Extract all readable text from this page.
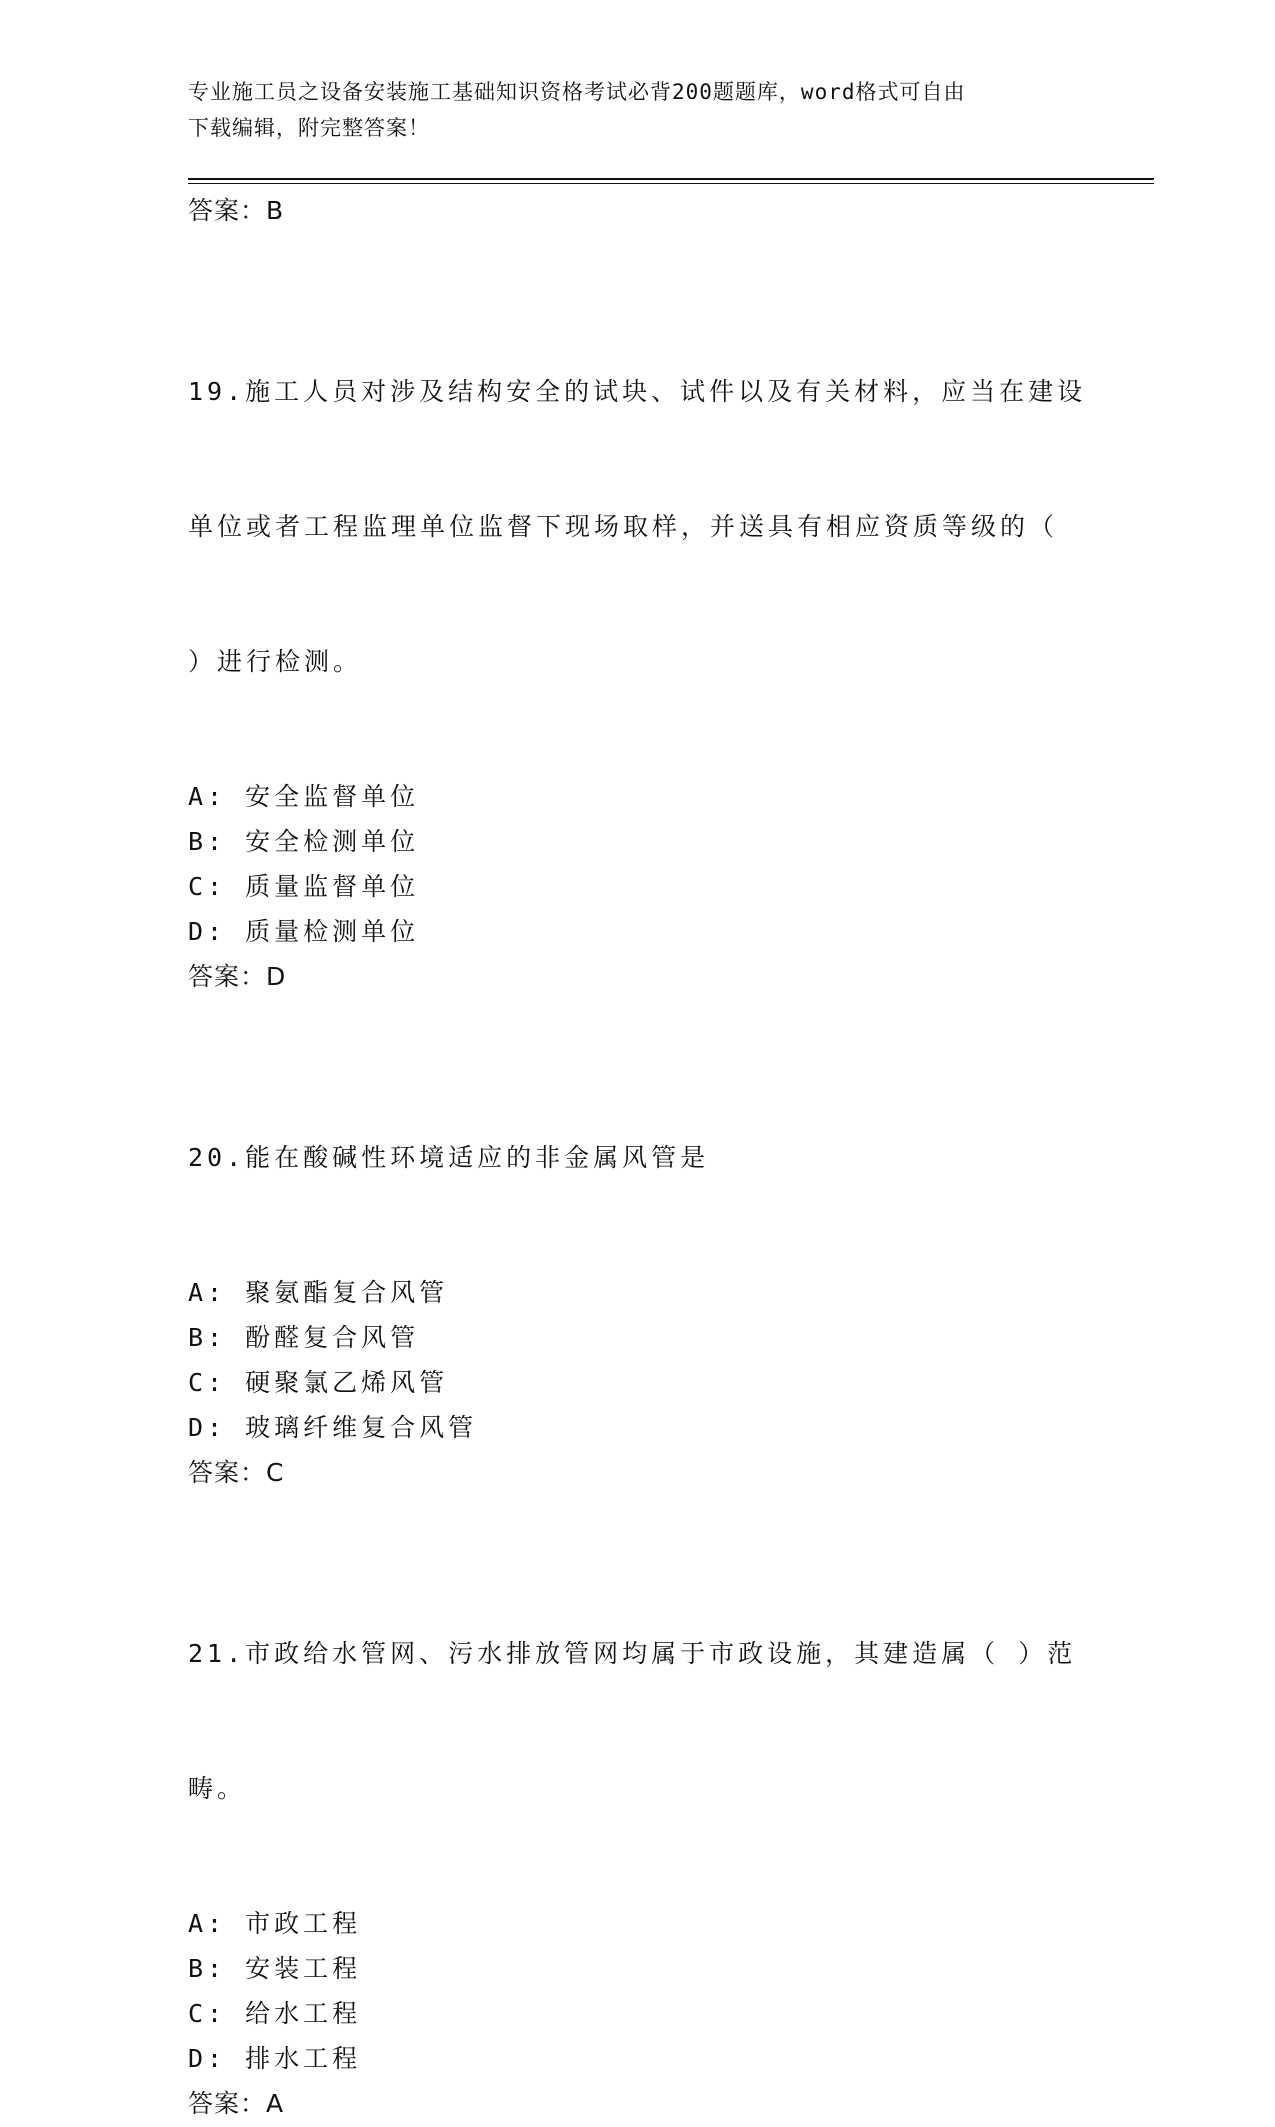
专业施工员之设备安装施工基础知识资格考试必背200题题库，word格式可自由
下载编辑，附完整答案！
答案：B

19.施工人员对涉及结构安全的试块、试件以及有关材料，应当在建设

单位或者工程监理单位监督下现场取样，并送具有相应资质等级的（

）进行检测。

A: 安全监督单位
B: 安全检测单位
C: 质量监督单位
D: 质量检测单位
答案：D

20.能在酸碱性环境适应的非金属风管是

A: 聚氨酯复合风管
B: 酚醛复合风管
C: 硬聚氯乙烯风管
D: 玻璃纤维复合风管
答案：C

21.市政给水管网、污水排放管网均属于市政设施，其建造属（ ）范

畴。

A: 市政工程
B: 安装工程
C: 给水工程
D: 排水工程
答案：A
